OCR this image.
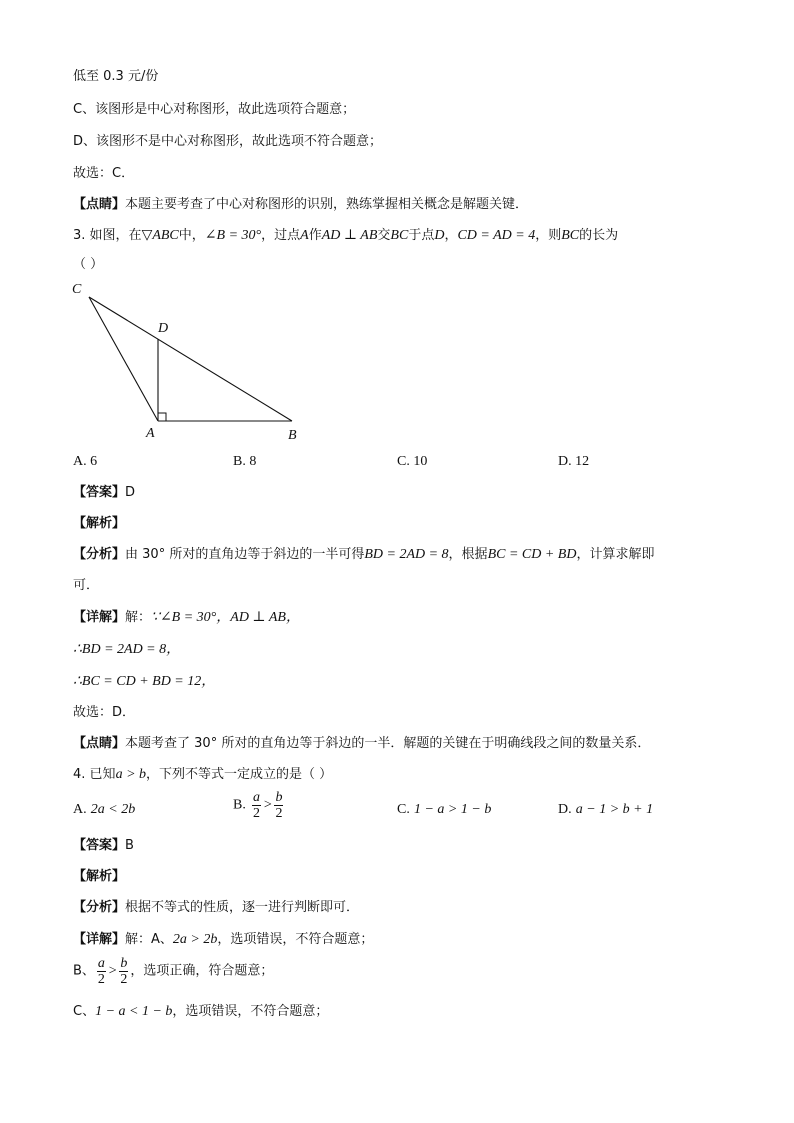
低至 0.3 元/份
C、该图形是中心对称图形，故此选项符合题意；
D、该图形不是中心对称图形，故此选项不符合题意；
故选：C．
【点睛】本题主要考查了中心对称图形的识别，熟练掌握相关概念是解题关键．
3. 如图，在▽ABC中，∠B = 30°，过点A作AD ⊥ AB交BC于点D，CD = AD = 4，则BC的长为
（ ）
C
D
A	B
A. 6	B. 8	C. 10	D. 12
【答案】D
【解析】
【分析】由 30° 所对的直角边等于斜边的一半可得BD = 2AD = 8，根据BC = CD + BD，计算求解即
可．
【详解】解：∵∠B = 30°，AD ⊥ AB，
∴BD = 2AD = 8，
∴BC = CD + BD = 12，
故选：D．
【点睛】本题考查了 30° 所对的直角边等于斜边的一半．解题的关键在于明确线段之间的数量关系．
4. 已知a > b，下列不等式一定成立的是（ ）
A. 2a < 2b	B. $\frac{a}{2} > \frac{b}{2}$	C. 1 − a > 1 − b	D. a − 1 > b + 1
【答案】B
【解析】
【分析】根据不等式的性质，逐一进行判断即可．
【详解】解：A、2a > 2b，选项错误，不符合题意；
B、 $\frac{a}{2} > \frac{b}{2}$ ，选项正确，符合题意；
C、1 − a < 1 − b，选项错误，不符合题意；
